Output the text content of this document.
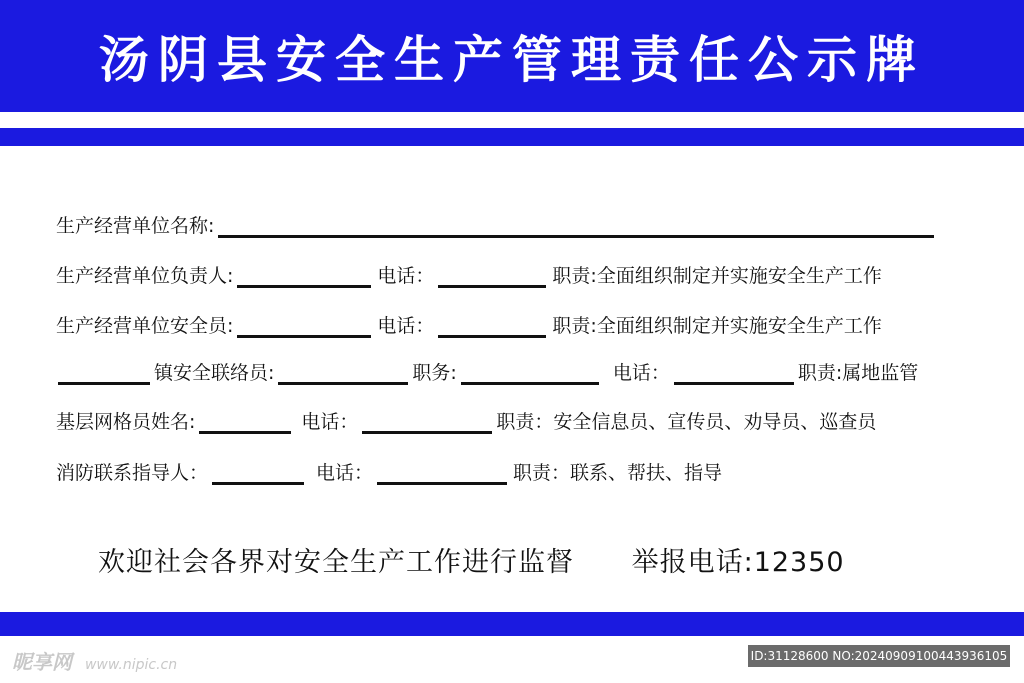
汤阴县安全生产管理责任公示牌
生产经营单位名称:
生产经营单位负责人:	电话：	职责:全面组织制定并实施安全生产工作
生产经营单位安全员:	电话：	职责:全面组织制定并实施安全生产工作
镇安全联络员:	职务:	电话：	职责:属地监管
基层网格员姓名:	电话：	职责：安全信息员、宣传员、劝导员、巡查员
消防联系指导人：	电话：	职责：联系、帮扶、指导
欢迎社会各界对安全生产工作进行监督 举报电话:12350
昵享网 www.nipic.cn
ID:31128600 NO:20240909100443936105
